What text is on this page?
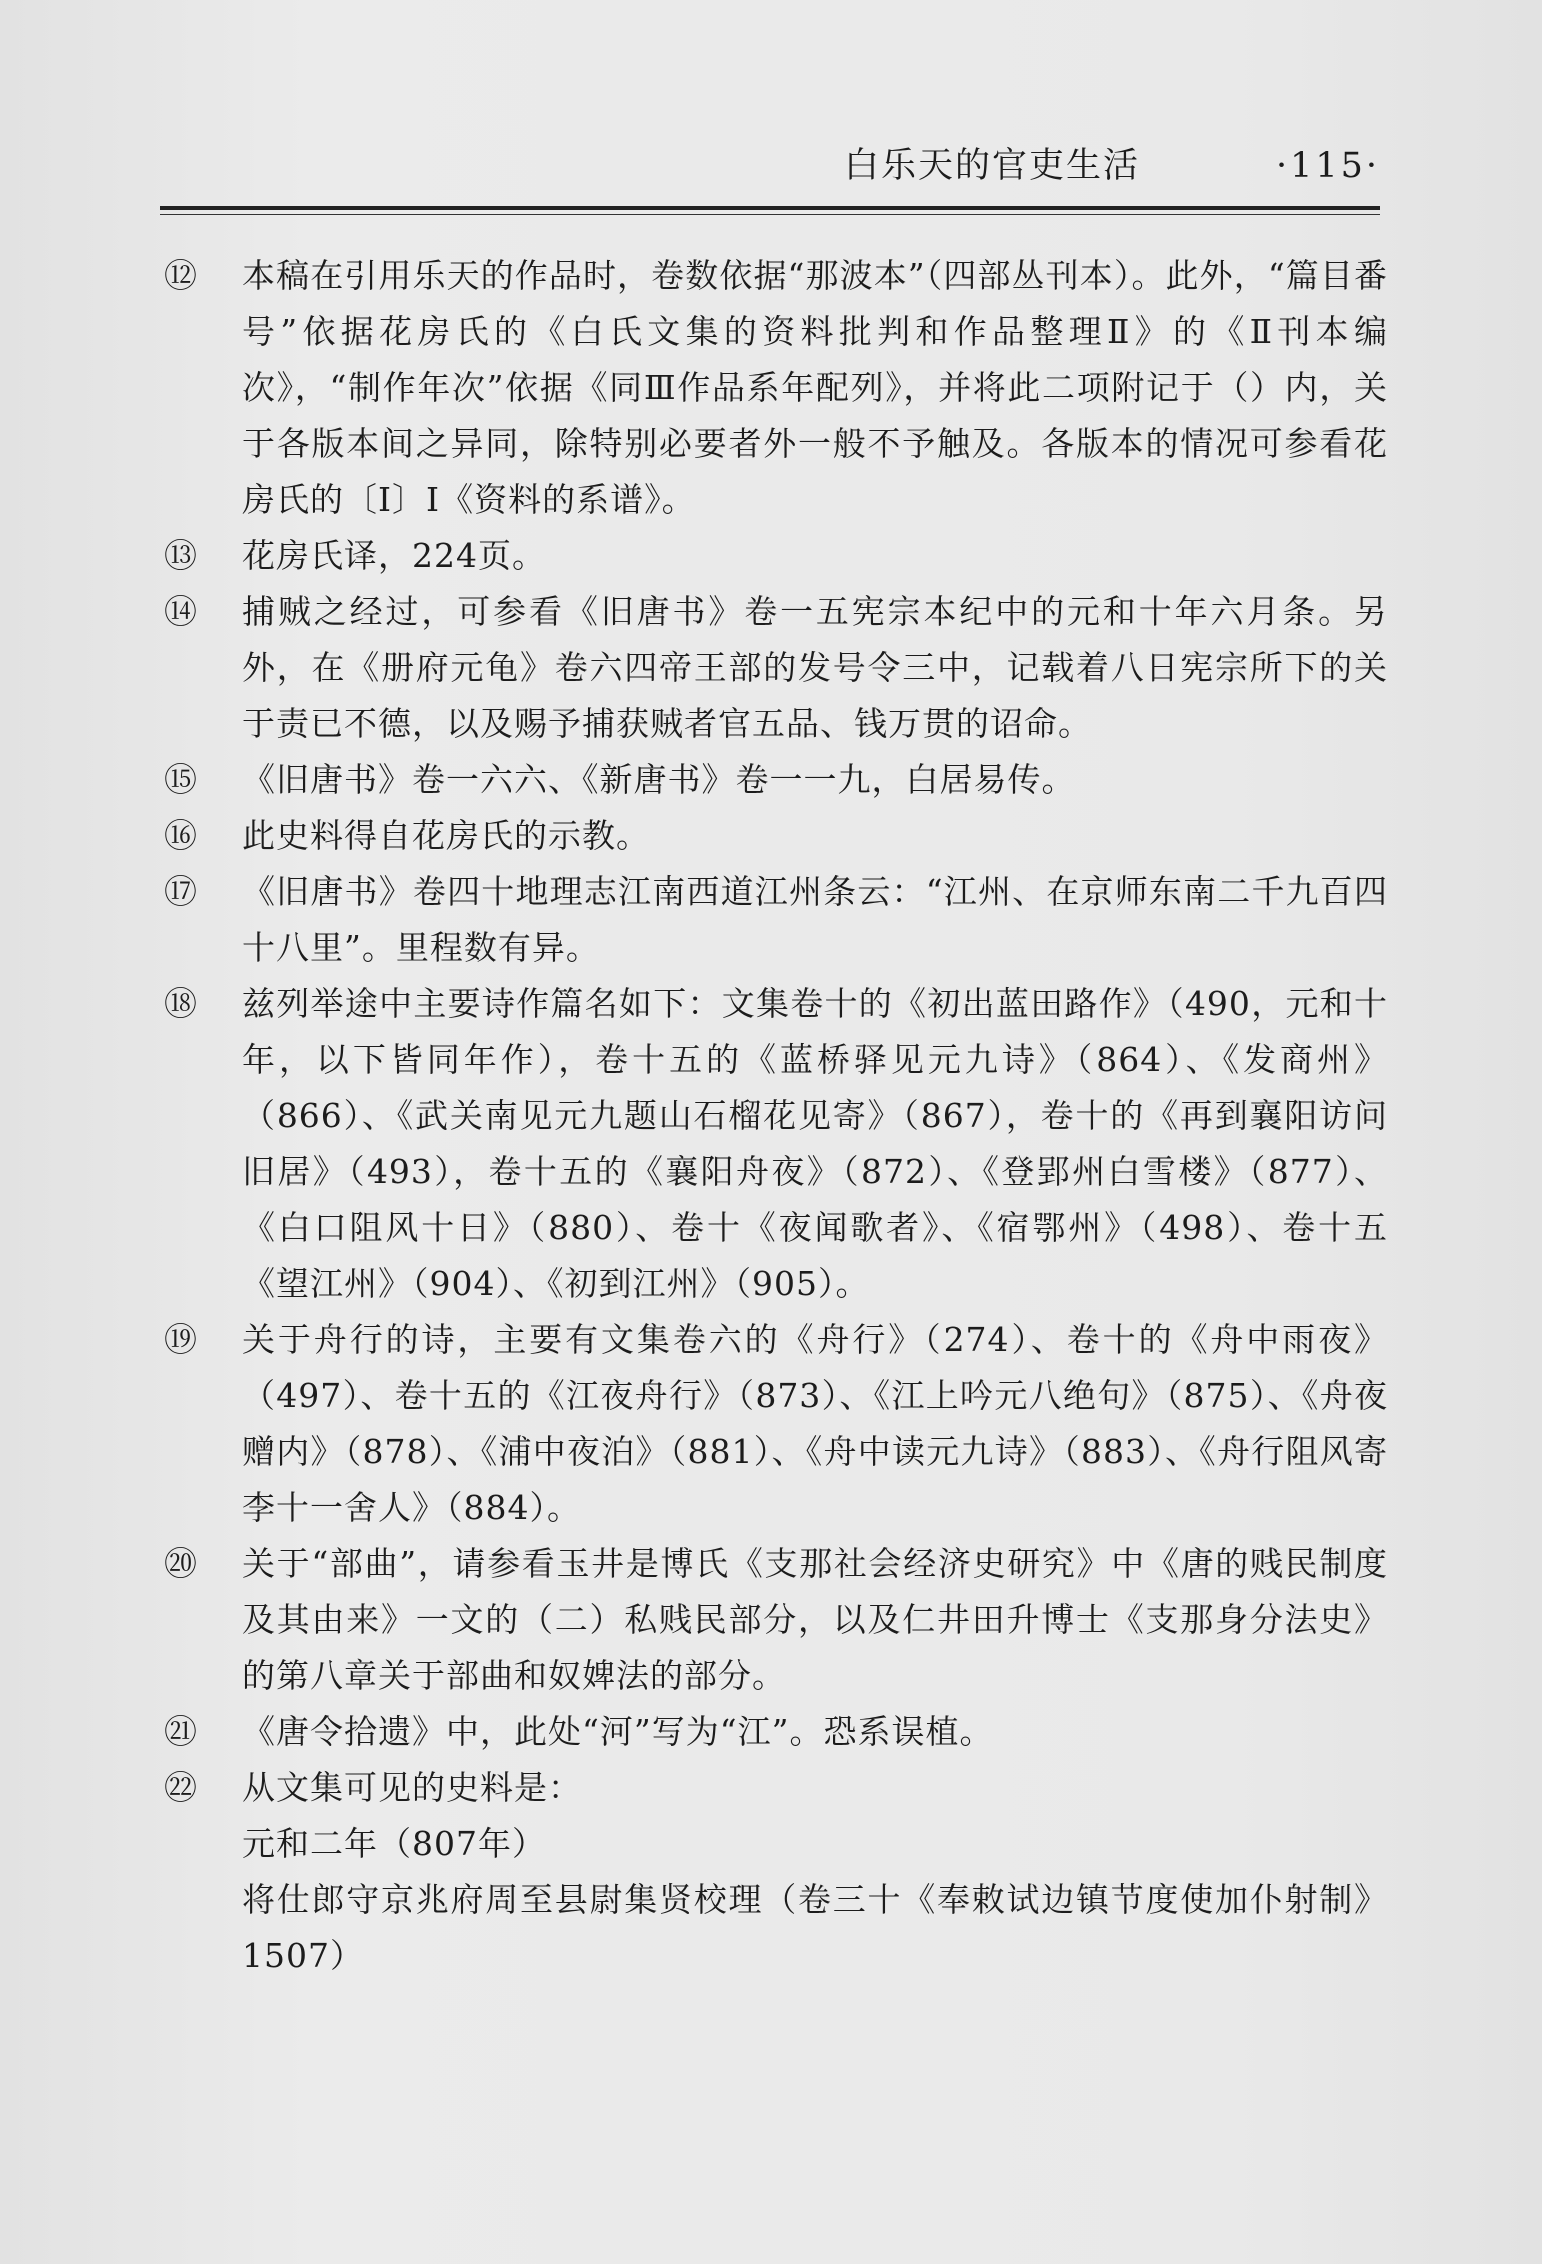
白乐天的官吏生活	·115·
⑫ 本稿在引用乐天的作品时，卷数依据“那波本”（四部丛刊本）。此外，“篇目番号”依据花房氏的《白氏文集的资料批判和作品整理Ⅱ》的《Ⅱ刊本编次》，“制作年次”依据《同Ⅲ作品系年配列》，并将此二项附记于（）内，关于各版本间之异同，除特别必要者外一般不予触及。各版本的情况可参看花房氏的〔Ⅰ〕Ⅰ《资料的系谱》。
⑬ 花房氏译，224页。
⑭ 捕贼之经过，可参看《旧唐书》卷一五宪宗本纪中的元和十年六月条。另外，在《册府元龟》卷六四帝王部的发号令三中，记载着八日宪宗所下的关于责已不德，以及赐予捕获贼者官五品、钱万贯的诏命。
⑮ 《旧唐书》卷一六六、《新唐书》卷一一九，白居易传。
⑯ 此史料得自花房氏的示教。
⑰ 《旧唐书》卷四十地理志江南西道江州条云：“江州、在京师东南二千九百四十八里”。里程数有异。
⑱ 兹列举途中主要诗作篇名如下：文集卷十的《初出蓝田路作》（490，元和十年，以下皆同年作），卷十五的《蓝桥驿见元九诗》（864）、《发商州》（866）、《武关南见元九题山石榴花见寄》（867），卷十的《再到襄阳访问旧居》（493），卷十五的《襄阳舟夜》（872）、《登郢州白雪楼》（877）、《白口阻风十日》（880）、卷十《夜闻歌者》、《宿鄂州》（498）、卷十五《望江州》（904）、《初到江州》（905）。
⑲ 关于舟行的诗，主要有文集卷六的《舟行》（274）、卷十的《舟中雨夜》（497）、卷十五的《江夜舟行》（873）、《江上吟元八绝句》（875）、《舟夜赠内》（878）、《浦中夜泊》（881）、《舟中读元九诗》（883）、《舟行阻风寄李十一舍人》（884）。
⑳ 关于“部曲”，请参看玉井是博氏《支那社会经济史研究》中《唐的贱民制度及其由来》一文的（二）私贱民部分，以及仁井田升博士《支那身分法史》的第八章关于部曲和奴婢法的部分。
㉑ 《唐令拾遗》中，此处“河”写为“江”。恐系误植。
㉒ 从文集可见的史料是：
元和二年（807年）
将仕郎守京兆府周至县尉集贤校理（卷三十《奉敕试边镇节度使加仆射制》1507）
